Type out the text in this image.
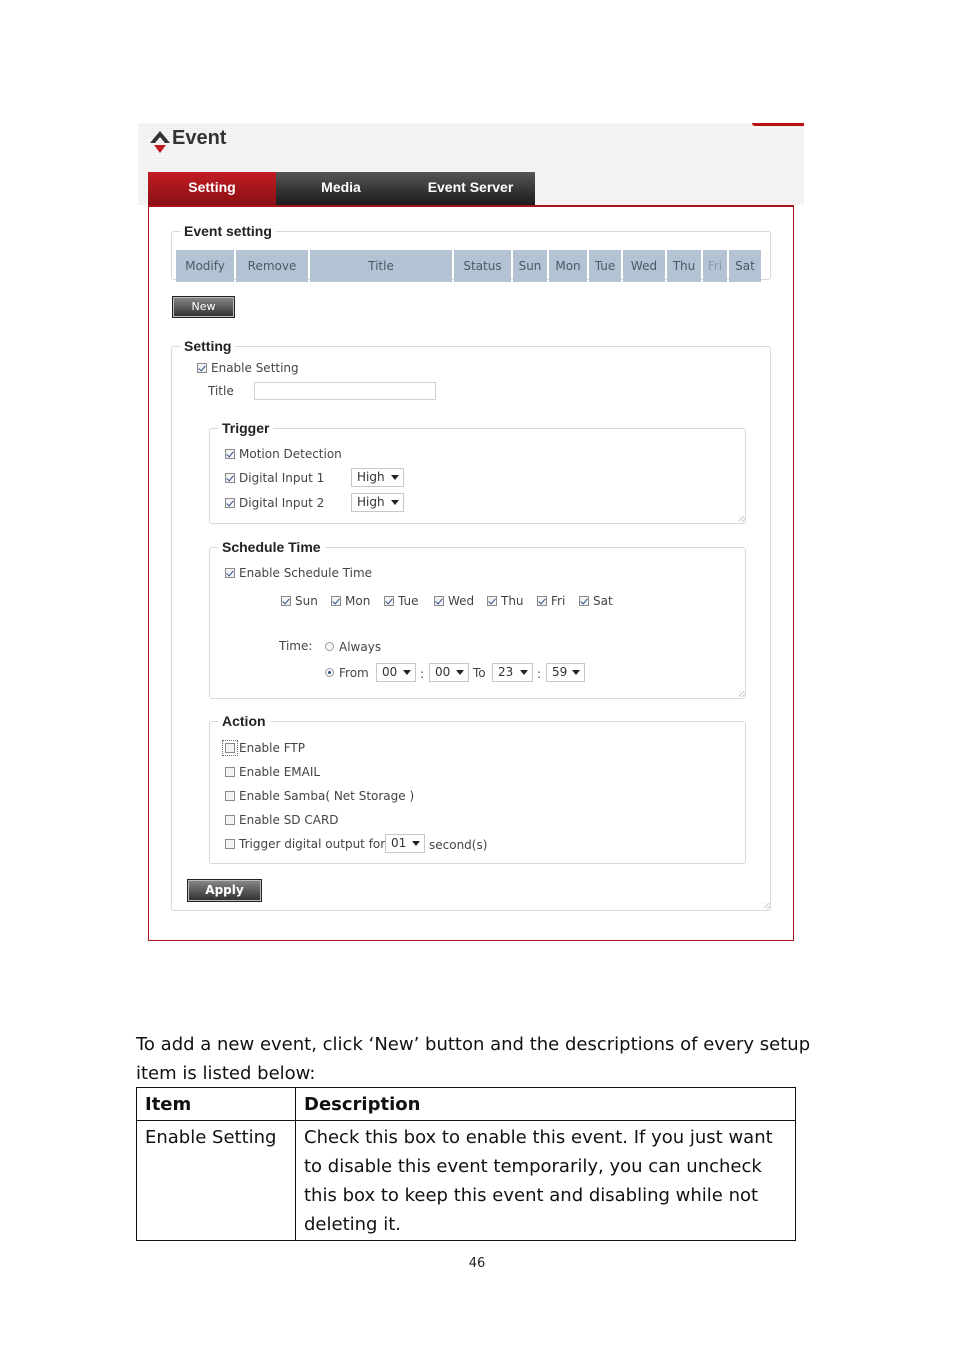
Event
Setting	Media	Event Server
Event setting
Modify	Remove	Title	Status	Sun	Mon	Tue	Wed	Thu	Fri	Sat
New
Setting
Enable Setting
Title
Trigger
Motion Detection
Digital Input 1	High
Digital Input 2	High
Schedule Time
Enable Schedule Time
Sun	Mon	Tue	Wed	Thu	Fri	Sat
Time:	Always
From	00	: 00	To	23	: 59
Action
Enable FTP
Enable EMAIL
Enable Samba( Net Storage )
Enable SD CARD
Trigger digital output for 01	second(s)
Apply
To add a new event, click ‘New’ button and the descriptions of every setup item is listed below:
Item	Description
Enable Setting	Check this box to enable this event. If you just want to disable this event temporarily, you can uncheck this box to keep this event and disabling while not deleting it.
46
